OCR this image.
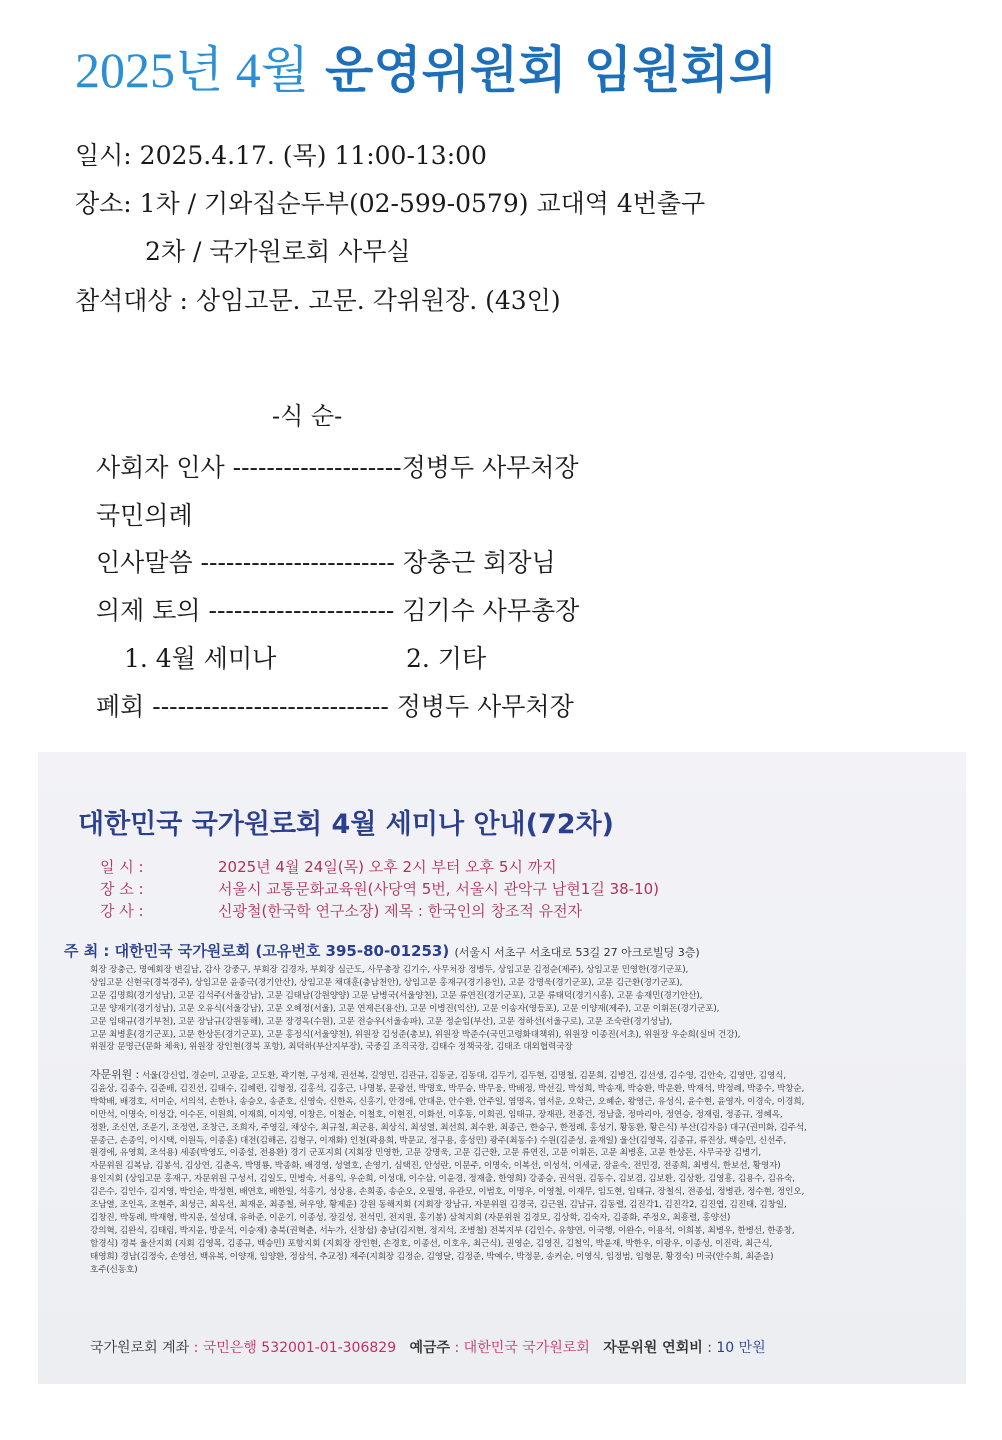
2025년 4월 운영위원회 임원회의
일시: 2025.4.17. (목) 11:00-13:00
장소: 1차 / 기와집순두부(02-599-0579) 교대역 4번출구
2차 / 국가원로회 사무실
참석대상 : 상임고문. 고문. 각위원장. (43인)
-식 순-
사회자 인사 --------------------정병두 사무처장
국민의례
인사말씀 ----------------------- 장충근 회장님
의제 토의 ---------------------- 김기수 사무총장
1. 4월 세미나	2. 기타
폐회 ---------------------------- 정병두 사무처장
대한민국 국가원로회 4월 세미나 안내(72차)
일 시 :	2025년 4월 24일(목) 오후 2시 부터 오후 5시 까지
장 소 :	서울시 교통문화교육원(사당역 5번, 서울시 관악구 남현1길 38-10)
강 사 :	신광철(한국학 연구소장) 제목 : 한국인의 창조적 유전자
주 최 : 대한민국 국가원로회 (고유번호 395-80-01253) (서울시 서초구 서초대로 53길 27 아크로빌딩 3층)
회장 장충근, 명예회장 변길남, 감사 강중구, 부회장 김경자, 부회장 심근도, 사무총장 김기수, 사무처장 정병두, 상임고문 김정순(제주), 상임고문 민영한(경기군포),
상임고문 신현국(경북경주), 상임고문 윤종극(경기안산), 상임고문 채대훈(충남천안), 상임고문 홍재구(경기용인), 고문 강명욱(경기군포), 고문 김근환(경기군포),
고문 김명희(경기성남), 고문 김석주(서울강남), 고문 김태남(강원양양) 고문 남병국(서울양천), 고문 류연진(경기군포), 고문 류태덕(경기시흥), 고문 송재민(경기안산),
고문 양재기(경기성남), 고문 오유식(서울강남), 고문 오혜정(서울), 고문 연제은(용산), 고문 이병진(익산), 고문 이송자(영등포), 고문 이양재(제주), 고문 이휘돈(경기군포),
고문 임태규(경기부천), 고문 장남규(강원동해), 고문 장경옥(수원), 고문 전승우(서울송파), 고문 정순임(부산), 고문 정하선(서울구로), 고문 조숙란(경기성남),
고문 최병훈(경기군포), 고문 한상돈(경기군포), 고문 홍정식(서울양천), 위원장 김성준(총보), 위원장 박준수(국민고령화대책위), 위원장 이종진(서초), 위원장 우순희(실버 건강),
위원장 문명근(문화 체육), 위원장 장인현(경북 포항), 최덕하(부산지부장), 국중길 조직국장, 김태수 정책국장, 김태조 대외협력국장
자문위원 : 서울(강신업, 경순미, 고광윤, 고도환, 곽기현, 구성재, 권선복, 길영민, 김관규, 김동균, 김동대, 김두기, 김두현, 김명철, 김문희, 김병건, 김선생, 김수영, 김안숙, 김영만, 김영식,
김윤상, 김종수, 김준배, 김진선, 김태수, 김혜련, 김형정, 김홍석, 김홍근, 나명봉, 문광선, 박명호, 박무승, 박무웅, 박배정, 박선길, 박성희, 박송재, 박승환, 박운환, 박재석, 박정례, 박종수, 박창순,
박학배, 배경호, 서미순, 서의석, 손한나, 송승오, 송준호, 신영숙, 신한옥, 신홍기, 안경애, 안대운, 안수환, 안주일, 염명옥, 염서운, 오학근, 오혜순, 왕영근, 유성식, 윤수현, 윤영자, 이경숙, 이경희,
이만석, 이명숙, 이성갑, 이수돈, 이원희, 이재희, 이지영, 이창은, 이철순, 이철호, 이현진, 이화선, 이후동, 이희권, 임태규, 장재관, 전종건, 정남출, 정마리아, 정연승, 정재림, 정종규, 정혜옥,
정환, 조신연, 조운기, 조정연, 조창근, 조희자, 주영길, 채상수, 최규칠, 최군용, 최상식, 최성열, 최선희, 최수환, 최종근, 한승구, 한정례, 홍성기, 황동환, 황은식) 부산(김자응) 대구(권미화, 김주석,
문종근, 손종익, 이시택, 이원득, 이종훈) 대전(김해곤, 김형구, 이재화) 인천(곽용희, 박문교, 정구용, 홍성민) 광주(최동수) 수원(김준성, 윤재일) 울산(김영목, 김종규, 류진상, 백승민, 신선주,
원경애, 유영희, 조석용) 세종(박영도, 이종설, 전용환) 경기 군포지회 (지회장 민영한, 고문 강명욱, 고문 김근환, 고문 류연진, 고문 이휘돈, 고문 최병훈, 고문 한상돈, 사무국장 김병기,
자문위원 김복남, 김봉석, 김상연, 김춘옥, 박명룡, 박종화, 배경영, 성열호, 손영기, 심택진, 안성란, 이문주, 이명숙, 이복선, 이성석, 이세균, 장윤숙, 전민경, 전종희, 최병식, 한보선, 황영자)
용인지회 (상임고문 홍재구, 자문위원 구성서, 김일도, 민병숙, 서용익, 우순희, 이성대, 이수삼, 이윤경, 정재출, 한영희) 강종승, 권석원, 김동수, 김보겸, 김보환, 김상환, 김영흥, 김용수, 김유숙,
김은수, 김인수, 김지영, 박인순, 박정현, 배연호, 배한일, 석홍기, 성상용, 손희종, 송순오, 오필영, 유관모, 이범호, 이명우, 이영철, 이재무, 임도현, 임태규, 장철식, 전종섭, 정병관, 정수현, 정인오,
조남열, 조인옥, 조현주, 최성근, 최옥선, 최재운, 최종철, 허우양, 황제운) 강원 동해지회 (지회장 장남규, 자문위원 김경국, 김근원, 김남규, 김동렬, 김진각1, 김진각2, 김진엽, 김진태, 김창일,
김창진, 박동례, 박재형, 박지운, 설성대, 유하준, 이운기, 이종성, 장길성, 전석민, 전지원, 홍기봉) 삼척지회 (자문위원 김경모, 김상학, 김숙자, 김종화, 주정오, 최흥렬, 홍양선)
강의혁, 김완식, 김태림, 박지윤, 방운석, 이승재) 충북(권혁춘, 서누가, 신창섭) 충남(김지현, 정지석, 조병철) 전북지부 (김인수, 유향연, 이국행, 이완수, 이용석, 이희봉, 최병우, 한병선, 한종창,
함경식) 경북 울산지회 (지회 김영목, 김종규, 백승민) 포항지회 (지회장 장인현, 손경호, 이종선, 이호우, 최근식), 권영순, 김영진, 김철익, 박윤재, 박한우, 이광우, 이종성, 이진락, 최근식,
태영희) 경남(김정숙, 손영선, 백유복, 이양재, 임양환, 정삼석, 추교정) 제주(지회장 김정순, 김영달, 김정준, 박예수, 박정문, 송커순, 이영식, 임정범, 임형문, 황경숙) 미국(안수희, 최준을)
호주(신동호)
국가원로회 계좌 : 국민은행 532001-01-306829 예금주 : 대한민국 국가원로회 자문위원 연회비 : 10 만원
